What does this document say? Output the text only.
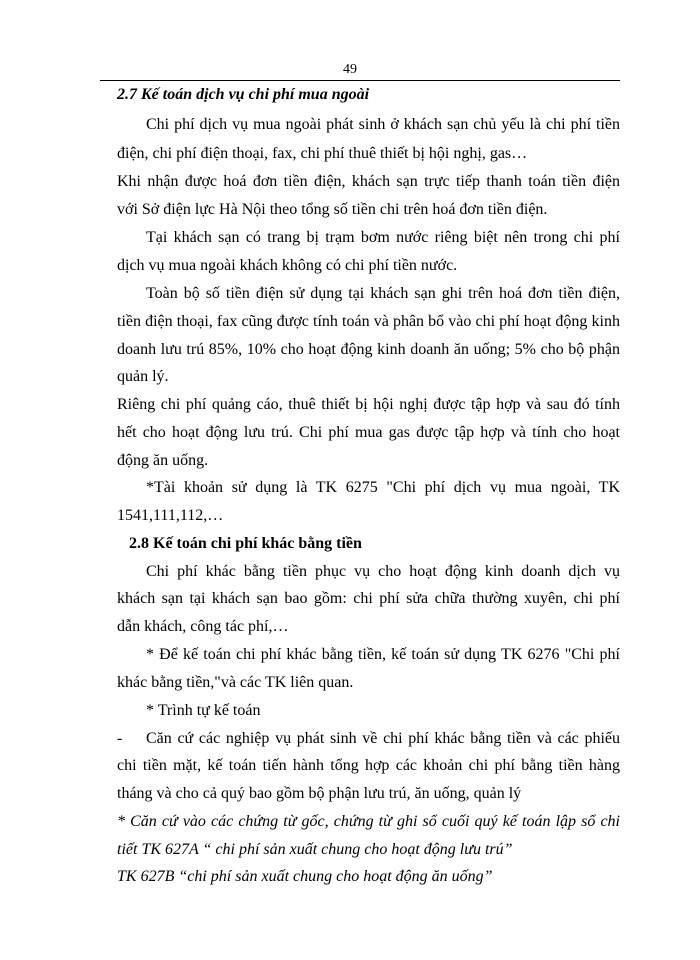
49
2.7 Kế toán dịch vụ chi phí mua ngoài
Chi phí dịch vụ mua ngoài phát sinh ở khách sạn chủ yếu là chi phí tiền
điện, chi phí điện thoại, fax, chi phí thuê thiết bị hội nghị, gas…
Khi nhận được hoá đơn tiền điện, khách sạn trực tiếp thanh toán tiền điện
với Sở điện lực Hà Nội theo tổng số tiền chi trên hoá đơn tiền điện.
Tại khách sạn có trang bị trạm bơm nước riêng biệt nên trong chi phí
dịch vụ mua ngoài khách không có chi phí tiền nước.
Toàn bộ số tiền điện sử dụng tại khách sạn ghi trên hoá đơn tiền điện,
tiền điện thoại, fax cũng được tính toán và phân bổ vào chi phí hoạt động kinh
doanh lưu trú 85%, 10% cho hoạt động kinh doanh ăn uống; 5% cho bộ phận
quản lý.
Riêng chi phí quảng cáo, thuê thiết bị hội nghị được tập hợp và sau đó tính
hết cho hoạt động lưu trú. Chi phí mua gas được tập hợp và tính cho hoạt
động ăn uống.
*Tài khoản sử dụng là TK 6275 "Chi phí dịch vụ mua ngoài, TK
1541,111,112,…
2.8 Kế toán chi phí khác bằng tiền
Chi phí khác bằng tiền phục vụ cho hoạt động kinh doanh dịch vụ
khách sạn tại khách sạn bao gồm: chi phí sửa chữa thường xuyên, chi phí
dẫn khách, công tác phí,…
* Để kế toán chi phí khác bằng tiền, kế toán sử dụng TK 6276 "Chi phí
khác bằng tiền,"và các TK liên quan.
* Trình tự kế toán
- Căn cứ các nghiệp vụ phát sinh về chi phí khác bằng tiền và các phiếu
chi tiền mặt, kế toán tiến hành tổng hợp các khoản chi phí bằng tiền hàng
tháng và cho cả quý bao gồm bộ phận lưu trú, ăn uống, quản lý
* Căn cứ vào các chứng từ gốc, chứng từ ghi sổ cuối quý kế toán lập sổ chi
tiết TK 627A “ chi phí sản xuất chung cho hoạt động lưu trú”
TK 627B “chi phí sản xuất chung cho hoạt động ăn uống”
